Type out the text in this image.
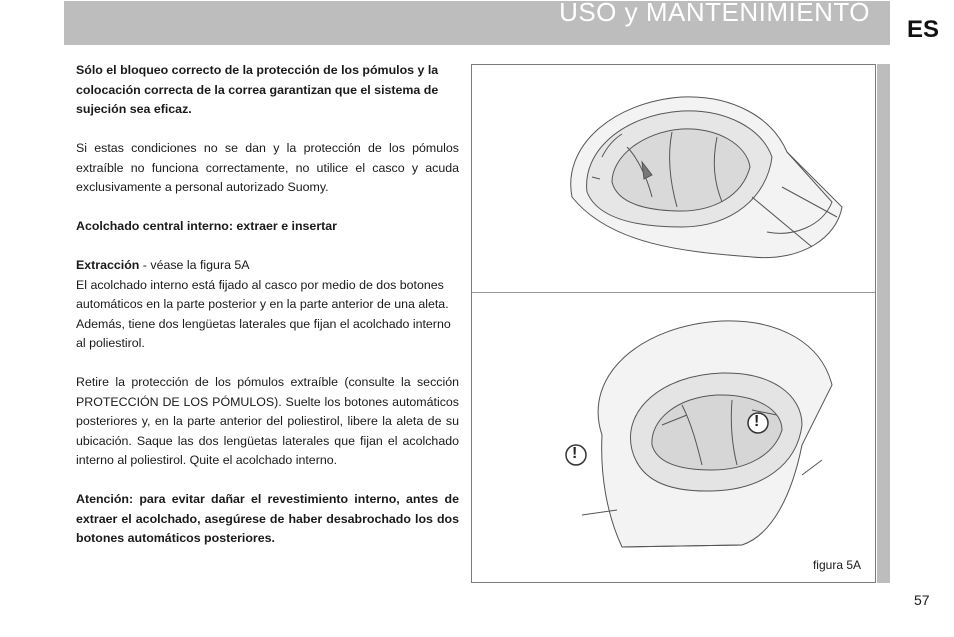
USO y MANTENIMIENTO
ES

Sólo el bloqueo correcto de la protección de los pómulos y la colocación correcta de la correa garantizan que el sistema de sujeción sea eficaz.

Si estas condiciones no se dan y la protección de los pómulos extraíble no funciona correctamente, no utilice el casco y acuda exclusivamente a personal autorizado Suomy.

Acolchado central interno: extraer e insertar

Extracción - véase la figura 5A
El acolchado interno está fijado al casco por medio de dos botones automáticos en la parte posterior y en la parte anterior de una aleta. Además, tiene dos lengüetas laterales que fijan el acolchado interno al poliestirol.

Retire la protección de los pómulos extraíble (consulte la sección PROTECCIÓN DE LOS PÓMULOS). Suelte los botones automáticos posteriores y, en la parte anterior del poliestirol, libere la aleta de su ubicación. Saque las dos lengüetas laterales que fijan el acolchado interno al poliestirol. Quite el acolchado interno.

Atención: para evitar dañar el revestimiento interno, antes de extraer el acolchado, asegúrese de haber desabrochado los dos botones automáticos posteriores.

!
!
figura 5A
57
